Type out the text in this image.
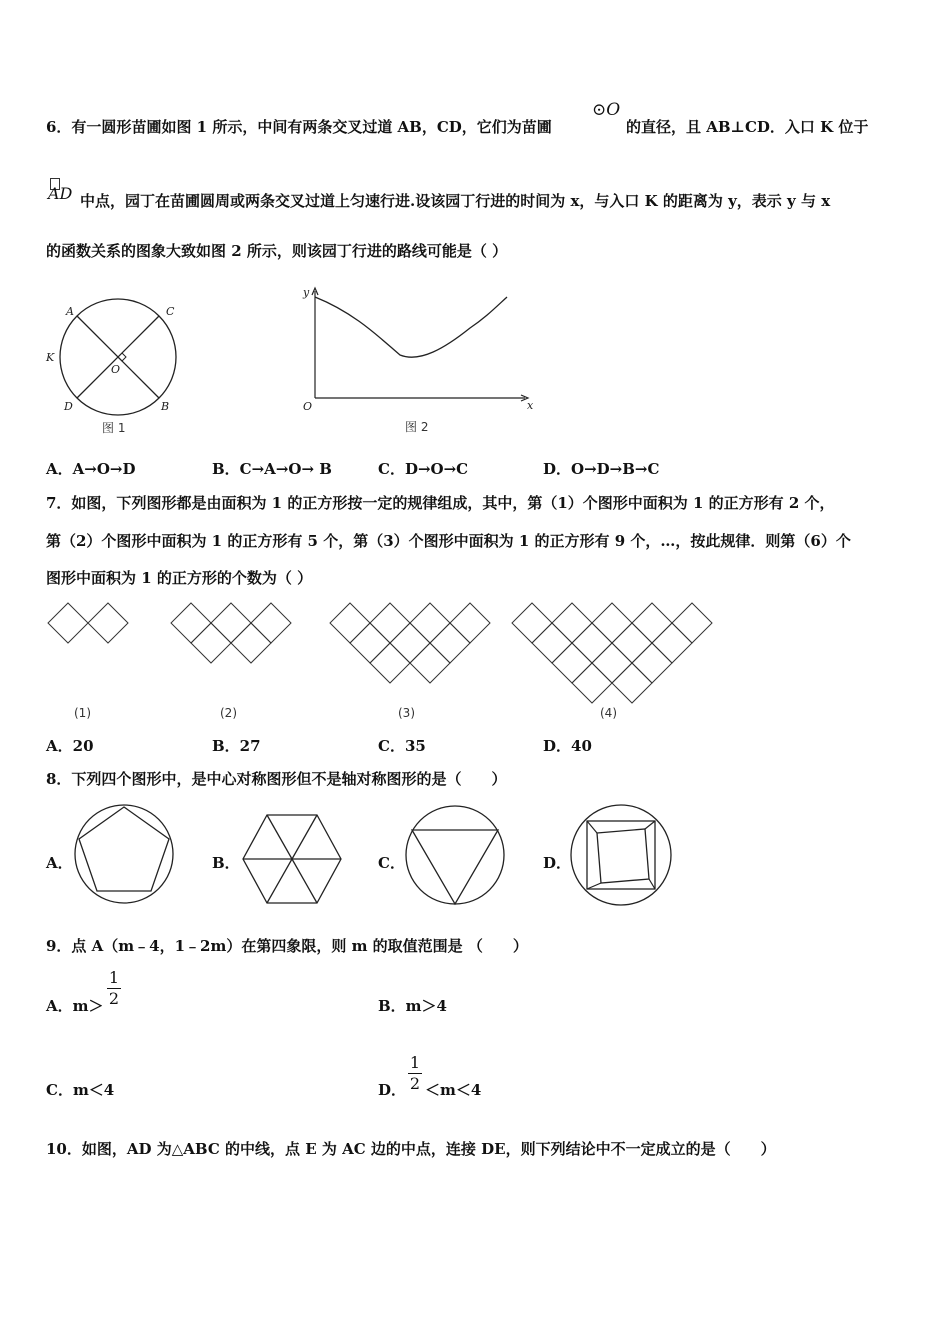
6．有一圆形苗圃如图 1 所示，中间有两条交叉过道 AB，CD，它们为苗圃
⊙O
的直径，且 AB⊥CD．入口 K 位于
AD 中点，园丁在苗圃圆周或两条交叉过道上匀速行进.设该园丁行进的时间为 x，与入口 K 的距离为 y，表示 y 与 x
的函数关系的图象大致如图 2 所示，则该园丁行进的路线可能是（ ）
A	C
K
O
D	B
图 1
y
x
O
图 2
A．A→O→D	B．C→A→O→ B	C．D→O→C	D．O→D→B→C
7．如图，下列图形都是由面积为 1 的正方形按一定的规律组成，其中，第（1）个图形中面积为 1 的正方形有 2 个，
第（2）个图形中面积为 1 的正方形有 5 个，第（3）个图形中面积为 1 的正方形有 9 个，…，按此规律．则第（6）个
图形中面积为 1 的正方形的个数为（ ）
(1)	(2)	(3)	(4)
A．20	B．27	C．35	D．40
8．下列四个图形中，是中心对称图形但不是轴对称图形的是（　　）
A．	B．	C．	D．
9．点 A（m﹣4，1﹣2m）在第四象限，则 m 的取值范围是 （　　）
A．$m> \frac{1}{2}$	B．m＞4
C．m＜4	D． $\frac{1}{2} <m<4$
10．如图，AD 为△ABC 的中线，点 E 为 AC 边的中点，连接 DE，则下列结论中不一定成立的是（　　）
